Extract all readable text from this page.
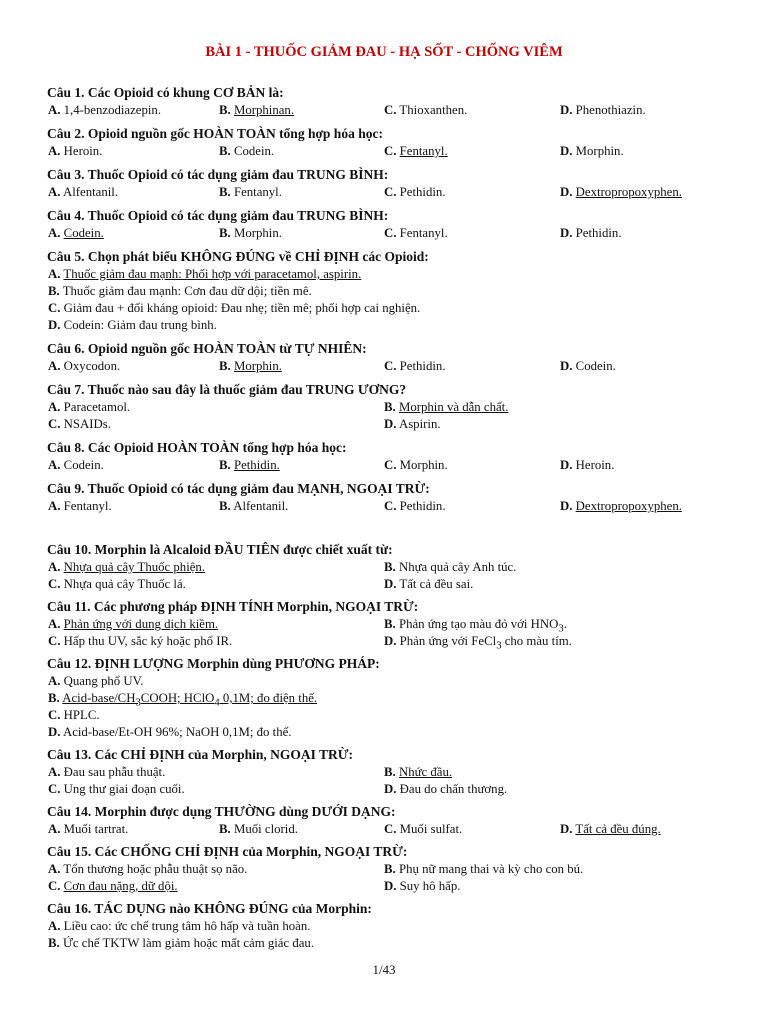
BÀI 1 - THUỐC GIẢM ĐAU - HẠ SỐT - CHỐNG VIÊM
Câu 1. Các Opioid có khung CƠ BẢN là:
A. 1,4-benzodiazepin.	B. Morphinan.	C. Thioxanthen.	D. Phenothiazin.
Câu 2. Opioid nguồn gốc HOÀN TOÀN tổng hợp hóa học:
A. Heroin.	B. Codein.	C. Fentanyl.	D. Morphin.
Câu 3. Thuốc Opioid có tác dụng giảm đau TRUNG BÌNH:
A. Alfentanil.	B. Fentanyl.	C. Pethidin.	D. Dextropropoxyphen.
Câu 4. Thuốc Opioid có tác dụng giảm đau TRUNG BÌNH:
A. Codein.	B. Morphin.	C. Fentanyl.	D. Pethidin.
Câu 5. Chọn phát biểu KHÔNG ĐÚNG về CHỈ ĐỊNH các Opioid:
A. Thuốc giảm đau mạnh: Phối hợp với paracetamol, aspirin.
B. Thuốc giảm đau mạnh: Cơn đau dữ dội; tiền mê.
C. Giảm đau + đối kháng opioid: Đau nhẹ; tiền mê; phối hợp cai nghiện.
D. Codein: Giảm đau trung bình.
Câu 6. Opioid nguồn gốc HOÀN TOÀN từ TỰ NHIÊN:
A. Oxycodon.	B. Morphin.	C. Pethidin.	D. Codein.
Câu 7. Thuốc nào sau đây là thuốc giảm đau TRUNG ƯƠNG?
A. Paracetamol.	B. Morphin và dẫn chất.
C. NSAIDs.	D. Aspirin.
Câu 8. Các Opioid HOÀN TOÀN tổng hợp hóa học:
A. Codein.	B. Pethidin.	C. Morphin.	D. Heroin.
Câu 9. Thuốc Opioid có tác dụng giảm đau MẠNH, NGOẠI TRỪ:
A. Fentanyl.	B. Alfentanil.	C. Pethidin.	D. Dextropropoxyphen.
Câu 10. Morphin là Alcaloid ĐẦU TIÊN được chiết xuất từ:
A. Nhựa quả cây Thuốc phiện.	B. Nhựa quả cây Anh túc.
C. Nhựa quả cây Thuốc lá.	D. Tất cả đều sai.
Câu 11. Các phương pháp ĐỊNH TÍNH Morphin, NGOẠI TRỪ:
A. Phản ứng với dung dịch kiềm.	B. Phản ứng tạo màu đỏ với $HNO_3$.
C. Hấp thu UV, sắc ký hoặc phổ IR.	D. Phản ứng với FeCl$_3$ cho màu tím.
Câu 12. ĐỊNH LƯỢNG Morphin dùng PHƯƠNG PHÁP:
A. Quang phổ UV.
B. Acid-$base/CH_3COOH$; HClO$_4$ 0,1M; đo điện thế.
C. HPLC.
D. Acid-base/Et-OH 96%; NaOH 0,1M; đo thế.
Câu 13. Các CHỈ ĐỊNH của Morphin, NGOẠI TRỪ:
A. Đau sau phẫu thuật.	B. Nhức đầu.
C. Ung thư giai đoạn cuối.	D. Đau do chấn thương.
Câu 14. Morphin được dụng THƯỜNG dùng DƯỚI DẠNG:
A. Muối tartrat.	B. Muối clorid.	C. Muối sulfat.	D. Tất cả đều đúng.
Câu 15. Các CHỐNG CHỈ ĐỊNH của Morphin, NGOẠI TRỪ:
A. Tổn thương hoặc phẫu thuật sọ não.	B. Phụ nữ mang thai và kỳ cho con bú.
C. Cơn đau nặng, dữ dội.	D. Suy hô hấp.
Câu 16. TÁC DỤNG nào KHÔNG ĐÚNG của Morphin:
A. Liều cao: ức chế trung tâm hô hấp và tuần hoàn.
B. Ức chế TKTW làm giảm hoặc mất cảm giác đau.
1/43
